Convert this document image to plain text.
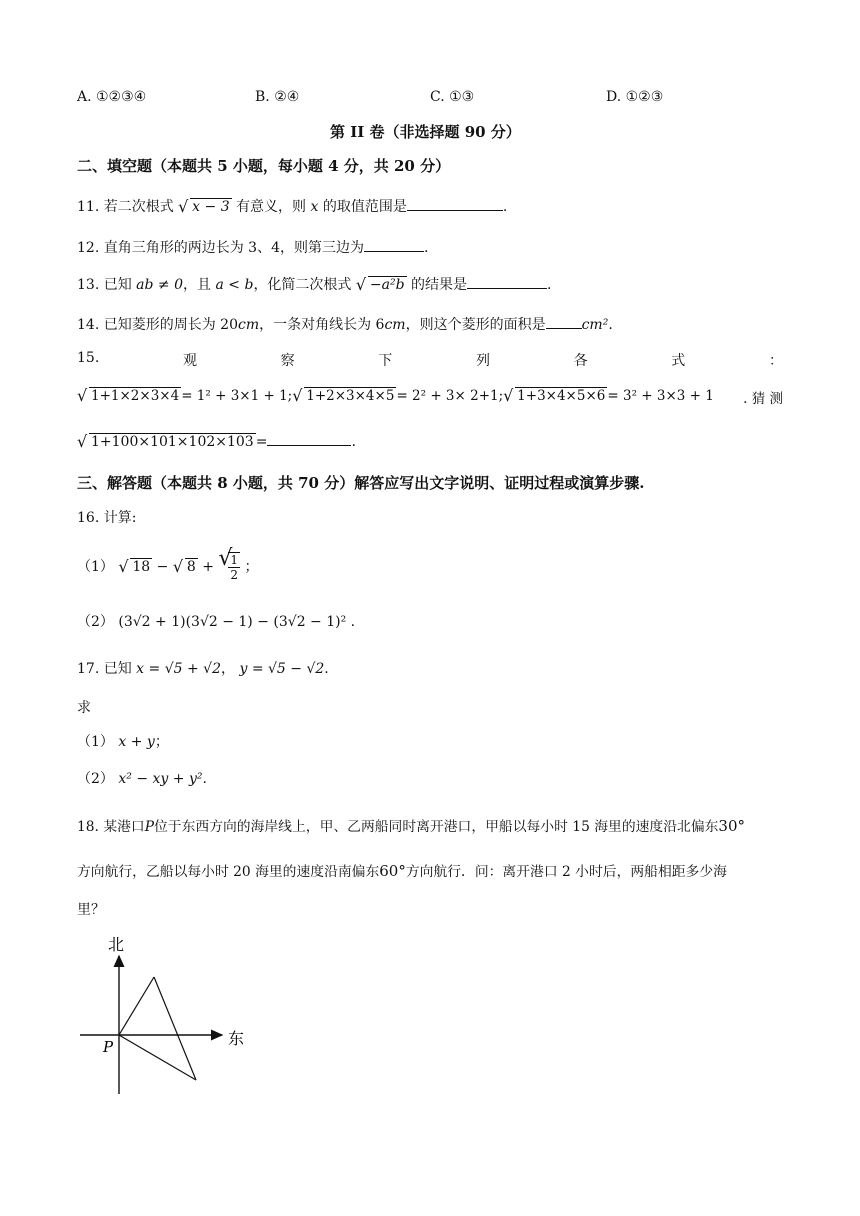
A. ①②③④	B. ②④	C. ①③	D. ①②③
第 II 卷（非选择题 90 分）
二、填空题（本题共 5 小题，每小题 4 分，共 20 分）
11. 若二次根式 √ x − 3 有意义，则 x 的取值范围是	.
12. 直角三角形的两边长为 3、4，则第三边为	.
13. 已知 ab ≠ 0，且 a < b，化简二次根式 √ −a²b 的结果是	.
14. 已知菱形的周长为 20cm，一条对角线长为 6cm，则这个菱形的面积是	cm².
15.	观	察	下	列	各	式	：
√ 1+1×2×3×4 = 1² + 3×1 + 1; √ 1+2×3×4×5 = 2² + 3× 2+1; √ 1+3×4×5×6 = 3² + 3×3 + 1 . 猜 测
√ 1+100×101×102×103 =	.
三、解答题（本题共 8 小题，共 70 分）解答应写出文字说明、证明过程或演算步骤.
16. 计算:
（1） √ 18 − √ 8 + √
$\frac{1}{2}$ ；
（2） (3√2 + 1)(3√2 − 1) − (3√2 − 1)² .
17. 已知 x = √5 + √2， y = √5 − √2.
求
（1） x + y；
（2） x² − xy + y².
18. 某港口P位于东西方向的海岸线上，甲、乙两船同时离开港口，甲船以每小时 15 海里的速度沿北偏东30°
方向航行，乙船以每小时 20 海里的速度沿南偏东60°方向航行．问：离开港口 2 小时后，两船相距多少海
里？
北
东
P
